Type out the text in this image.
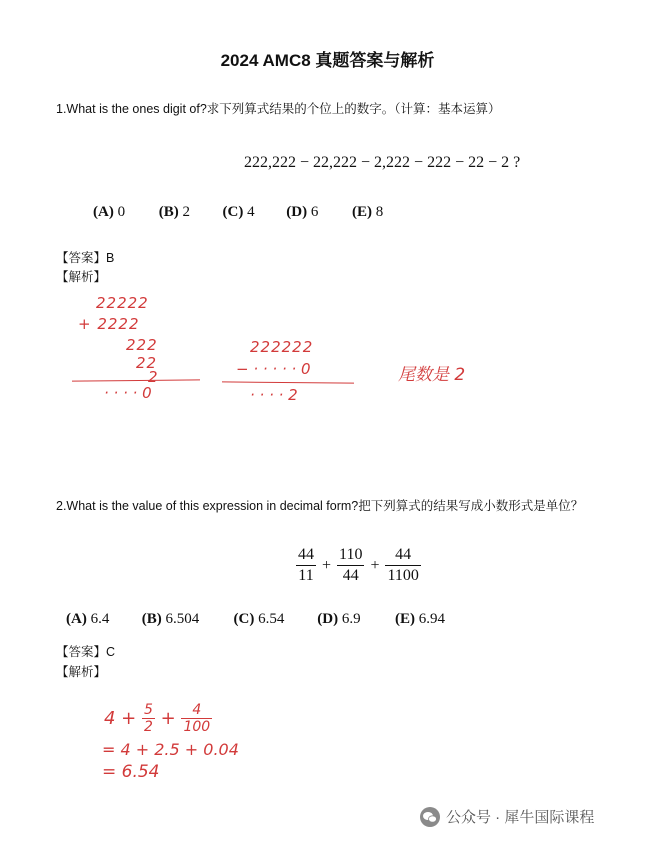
2024 AMC8 真题答案与解析
1.What is the ones digit of?求下列算式结果的个位上的数字。（计算：基本运算）
222,222 − 22,222 − 2,222 − 222 − 22 − 2 ?
(A) 0 (B) 2 (C) 4 (D) 6 (E) 8
【答案】B
【解析】
22222
+ 2222
222
22
2
· · · · 0
222222
− · · · · · 0
· · · · 2
尾数是 2
2.What is the value of this expression in decimal form?把下列算式的结果写成小数形式是单位？
$\frac{44}{11} + \frac{110}{44} + \frac{44}{1100}$
(A) 6.4 (B) 6.504 (C) 6.54 (D) 6.9 (E) 6.94
【答案】C
【解析】
$4 + \frac{5}{2} + \frac{4}{100}$
= 4 + 2.5 + 0.04
= 6.54
公众号 · 犀牛国际课程
